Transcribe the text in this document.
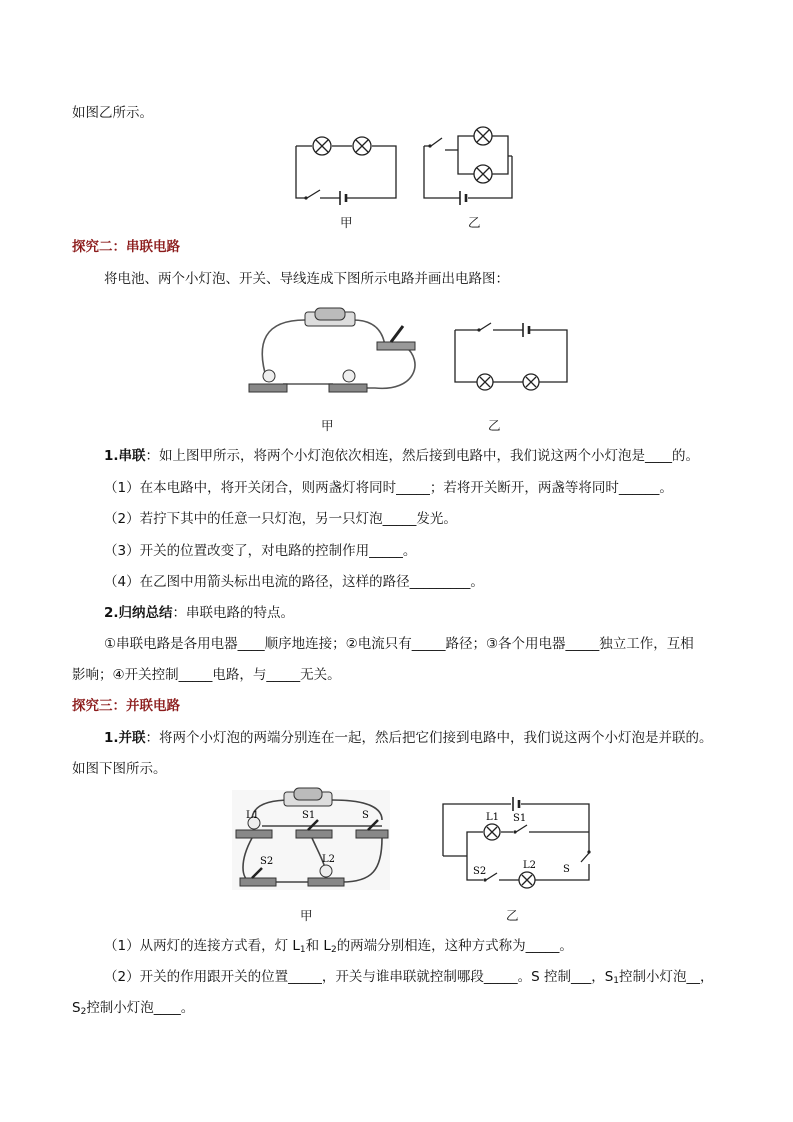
如图乙所示。
甲	乙
探究二：串联电路
将电池、两个小灯泡、开关、导线连成下图所示电路并画出电路图：
甲	乙
1.串联：如上图甲所示，将两个小灯泡依次相连，然后接到电路中，我们说这两个小灯泡是____的。
（1）在本电路中，将开关闭合，则两盏灯将同时_____；若将开关断开，两盏等将同时______。
（2）若拧下其中的任意一只灯泡，另一只灯泡_____发光。
（3）开关的位置改变了，对电路的控制作用_____。
（4）在乙图中用箭头标出电流的路径，这样的路径_________。
2.归纳总结：串联电路的特点。
①串联电路是各用电器____顺序地连接；②电流只有_____路径；③各个用电器_____独立工作，互相
影响；④开关控制_____电路，与_____无关。
探究三：并联电路
1.并联：将两个小灯泡的两端分别连在一起，然后把它们接到电路中，我们说这两个小灯泡是并联的。
如图下图所示。
L1	S1	S
S2	L2
L1 S1
S2
L2	S
甲	乙
（1）从两灯的连接方式看，灯 $L_1$和 $L_2$的两端分别相连，这种方式称为_____。
（2）开关的作用跟开关的位置_____，开关与谁串联就控制哪段_____。S 控制___，$S_1$控制小灯泡__，
$S_2$控制小灯泡____。
